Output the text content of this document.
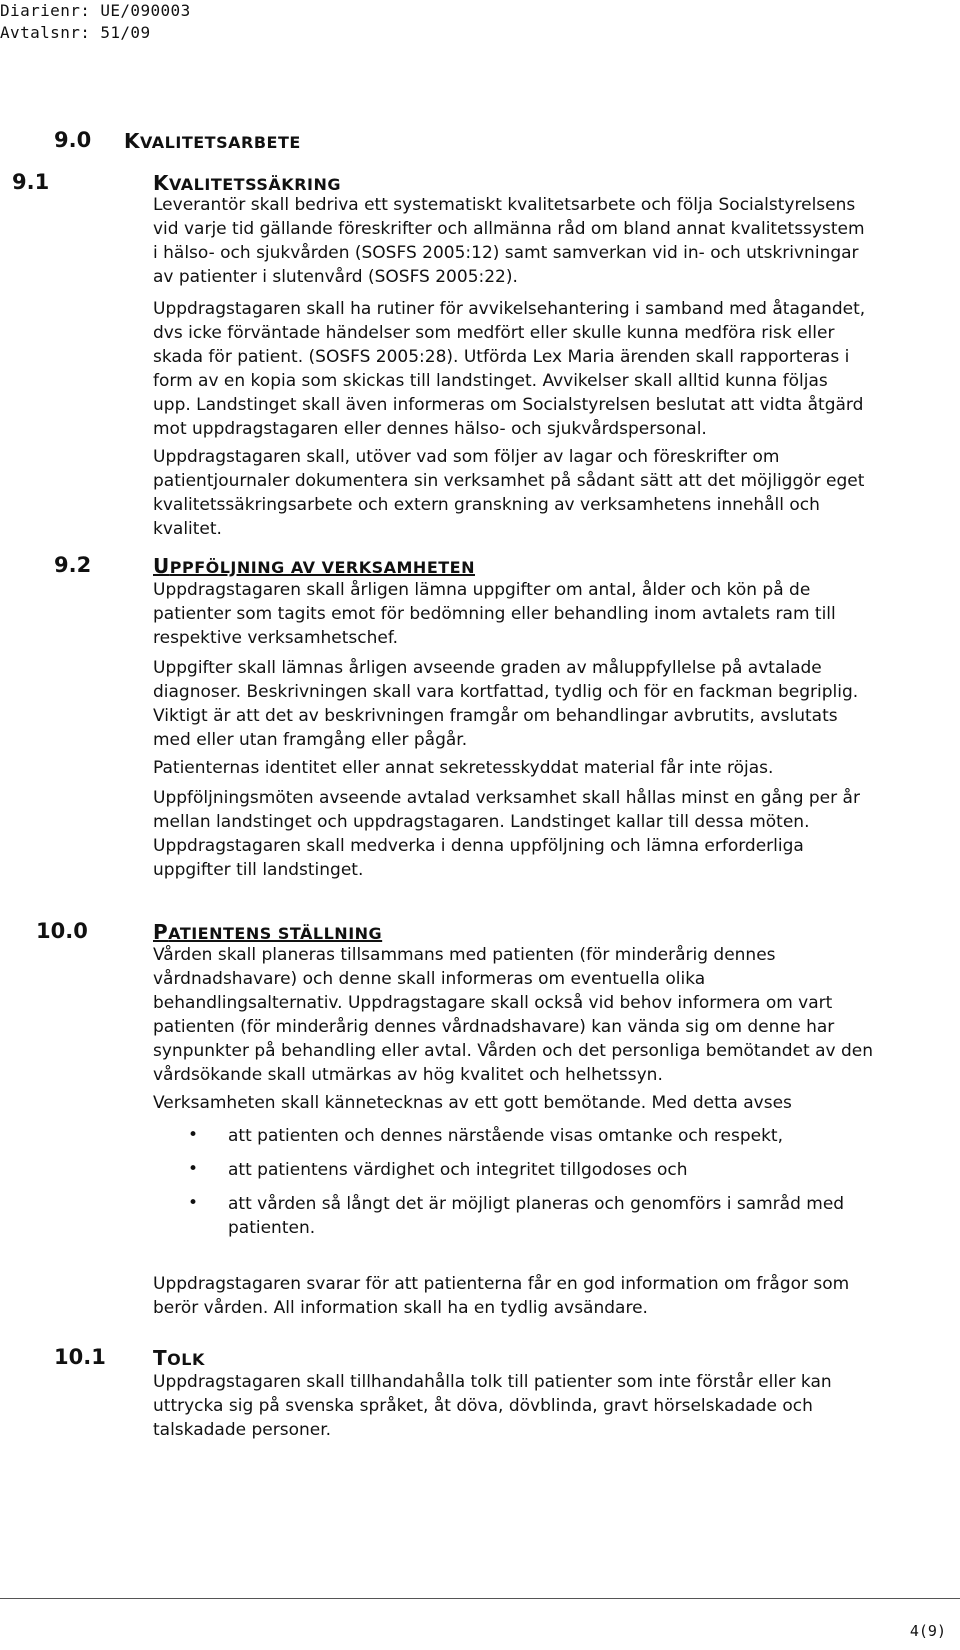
Diarienr: UE/090003
Avtalsnr: 51/09
9.0 KVALITETSARBETE
9.1	KVALITETSSÄKRING
Leverantör skall bedriva ett systematiskt kvalitetsarbete och följa Socialstyrelsens
vid varje tid gällande föreskrifter och allmänna råd om bland annat kvalitetssystem
i hälso- och sjukvården (SOSFS 2005:12) samt samverkan vid in- och utskrivningar
av patienter i slutenvård (SOSFS 2005:22).
Uppdragstagaren skall ha rutiner för avvikelsehantering i samband med åtagandet,
dvs icke förväntade händelser som medfört eller skulle kunna medföra risk eller
skada för patient. (SOSFS 2005:28). Utförda Lex Maria ärenden skall rapporteras i
form av en kopia som skickas till landstinget. Avvikelser skall alltid kunna följas
upp. Landstinget skall även informeras om Socialstyrelsen beslutat att vidta åtgärd
mot uppdragstagaren eller dennes hälso- och sjukvårdspersonal.
Uppdragstagaren skall, utöver vad som följer av lagar och föreskrifter om
patientjournaler dokumentera sin verksamhet på sådant sätt att det möjliggör eget
kvalitetssäkringsarbete och extern granskning av verksamhetens innehåll och
kvalitet.
9.2	UPPFÖLJNING AV VERKSAMHETEN
Uppdragstagaren skall årligen lämna uppgifter om antal, ålder och kön på de
patienter som tagits emot för bedömning eller behandling inom avtalets ram till
respektive verksamhetschef.
Uppgifter skall lämnas årligen avseende graden av måluppfyllelse på avtalade
diagnoser. Beskrivningen skall vara kortfattad, tydlig och för en fackman begriplig.
Viktigt är att det av beskrivningen framgår om behandlingar avbrutits, avslutats
med eller utan framgång eller pågår.
Patienternas identitet eller annat sekretesskyddat material får inte röjas.
Uppföljningsmöten avseende avtalad verksamhet skall hållas minst en gång per år
mellan landstinget och uppdragstagaren. Landstinget kallar till dessa möten.
Uppdragstagaren skall medverka i denna uppföljning och lämna erforderliga
uppgifter till landstinget.
10.0	PATIENTENS STÄLLNING
Vården skall planeras tillsammans med patienten (för minderårig dennes
vårdnadshavare) och denne skall informeras om eventuella olika
behandlingsalternativ. Uppdragstagare skall också vid behov informera om vart
patienten (för minderårig dennes vårdnadshavare) kan vända sig om denne har
synpunkter på behandling eller avtal. Vården och det personliga bemötandet av den
vårdsökande skall utmärkas av hög kvalitet och helhetssyn.
Verksamheten skall kännetecknas av ett gott bemötande. Med detta avses
• att patienten och dennes närstående visas omtanke och respekt,
• att patientens värdighet och integritet tillgodoses och
• att vården så långt det är möjligt planeras och genomförs i samråd med
patienten.
Uppdragstagaren svarar för att patienterna får en god information om frågor som
berör vården. All information skall ha en tydlig avsändare.
10.1 TOLK
Uppdragstagaren skall tillhandahålla tolk till patienter som inte förstår eller kan
uttrycka sig på svenska språket, åt döva, dövblinda, gravt hörselskadade och
talskadade personer.
4(9)
